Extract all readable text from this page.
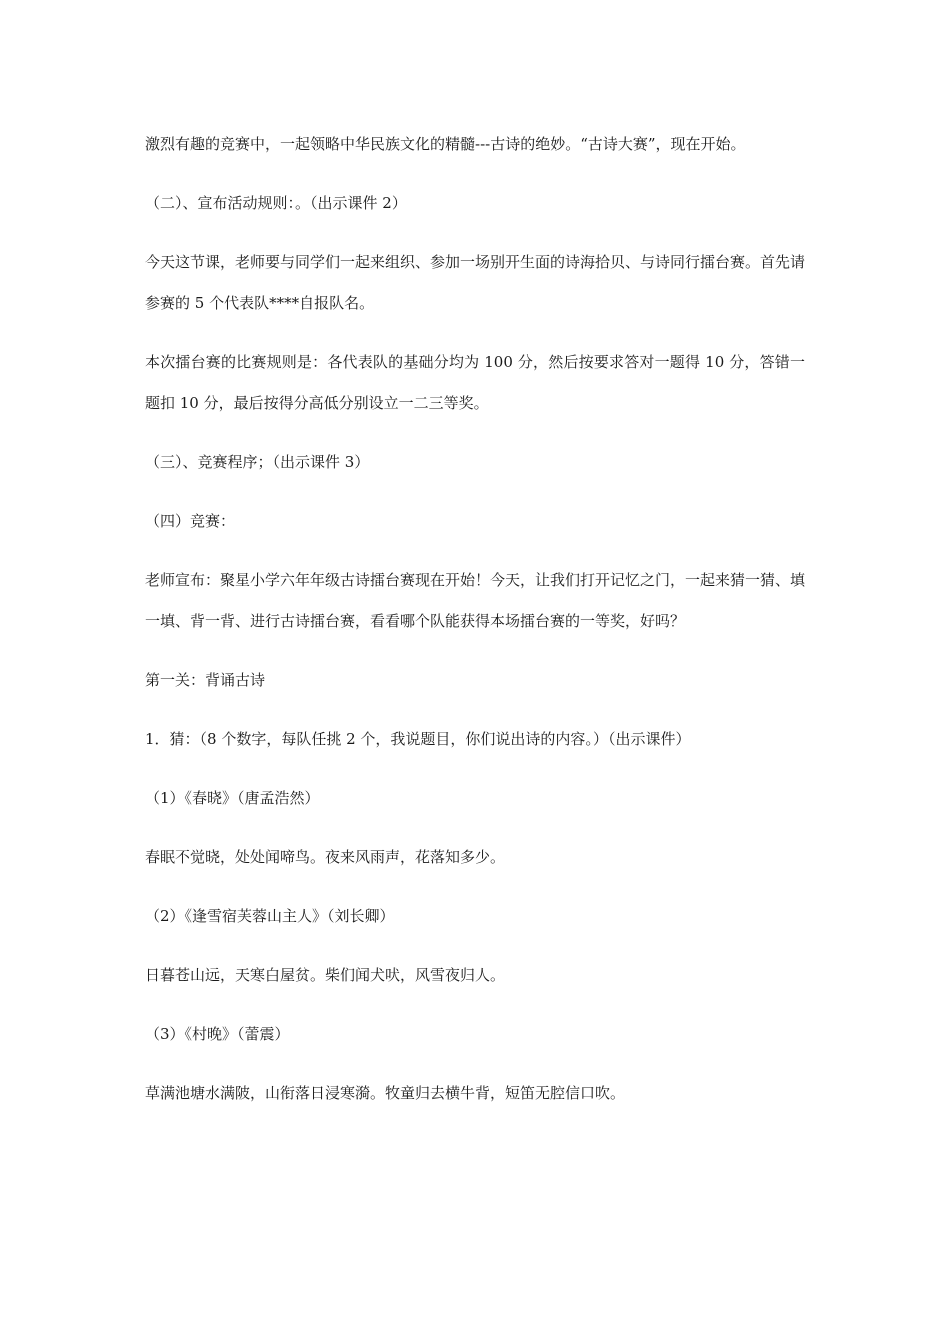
激烈有趣的竞赛中，一起领略中华民族文化的精髓---古诗的绝妙。“古诗大赛”，现在开始。

（二）、宣布活动规则：。（出示课件 2）

今天这节课，老师要与同学们一起来组织、参加一场别开生面的诗海拾贝、与诗同行擂台赛。首先请参赛的 5 个代表队****自报队名。

本次擂台赛的比赛规则是：各代表队的基础分均为 100 分，然后按要求答对一题得 10 分，答错一题扣 10 分，最后按得分高低分别设立一二三等奖。

（三）、竞赛程序；（出示课件 3）

（四）竞赛：

老师宣布：聚星小学六年年级古诗擂台赛现在开始！今天，让我们打开记忆之门，一起来猜一猜、填一填、背一背、进行古诗擂台赛，看看哪个队能获得本场擂台赛的一等奖，好吗？

第一关：背诵古诗

1．猜：（8 个数字，每队任挑 2 个，我说题目，你们说出诗的内容。）（出示课件）

（1）《春晓》（唐孟浩然）

春眠不觉晓，处处闻啼鸟。夜来风雨声，花落知多少。

（2）《逢雪宿芙蓉山主人》（刘长卿）

日暮苍山远，天寒白屋贫。柴们闻犬吠，风雪夜归人。

（3）《村晚》（蕾震）

草满池塘水满陂，山衔落日浸寒漪。牧童归去横牛背，短笛无腔信口吹。
